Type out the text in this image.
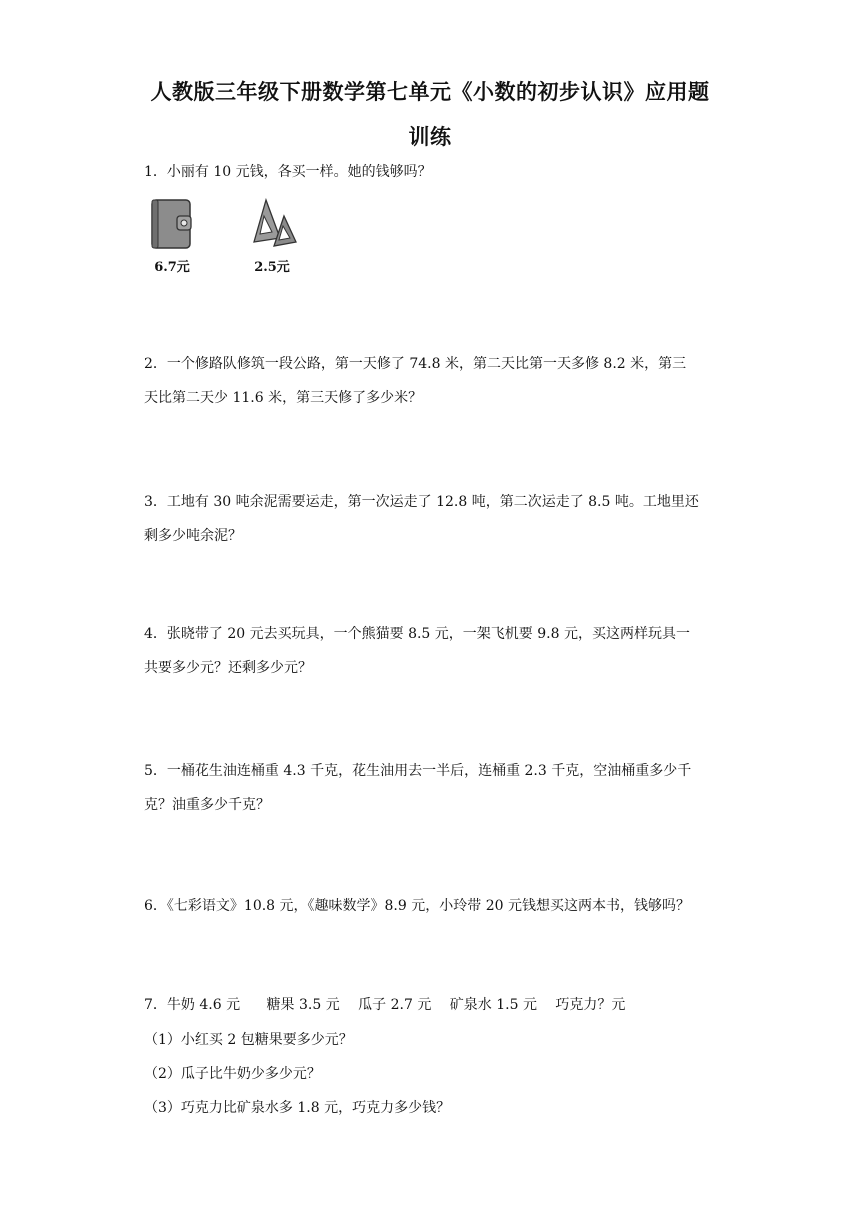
人教版三年级下册数学第七单元《小数的初步认识》应用题
训练

1．小丽有 10 元钱，各买一样。她的钱够吗？

6.7元	2.5元

2．一个修路队修筑一段公路，第一天修了 74.8 米，第二天比第一天多修 8.2 米，第三

天比第二天少 11.6 米，第三天修了多少米？

3．工地有 30 吨余泥需要运走，第一次运走了 12.8 吨，第二次运走了 8.5 吨。工地里还

剩多少吨余泥？

4．张晓带了 20 元去买玩具，一个熊猫要 8.5 元，一架飞机要 9.8 元，买这两样玩具一

共要多少元？还剩多少元？

5．一桶花生油连桶重 4.3 千克，花生油用去一半后，连桶重 2.3 千克，空油桶重多少千

克？油重多少千克？

6．《七彩语文》10.8 元，《趣味数学》8.9 元，小玲带 20 元钱想买这两本书，钱够吗？

7．牛奶 4.6 元 糖果 3.5 元 瓜子 2.7 元 矿泉水 1.5 元 巧克力？元

（1）小红买 2 包糖果要多少元？
（2）瓜子比牛奶少多少元？
（3）巧克力比矿泉水多 1.8 元，巧克力多少钱？
